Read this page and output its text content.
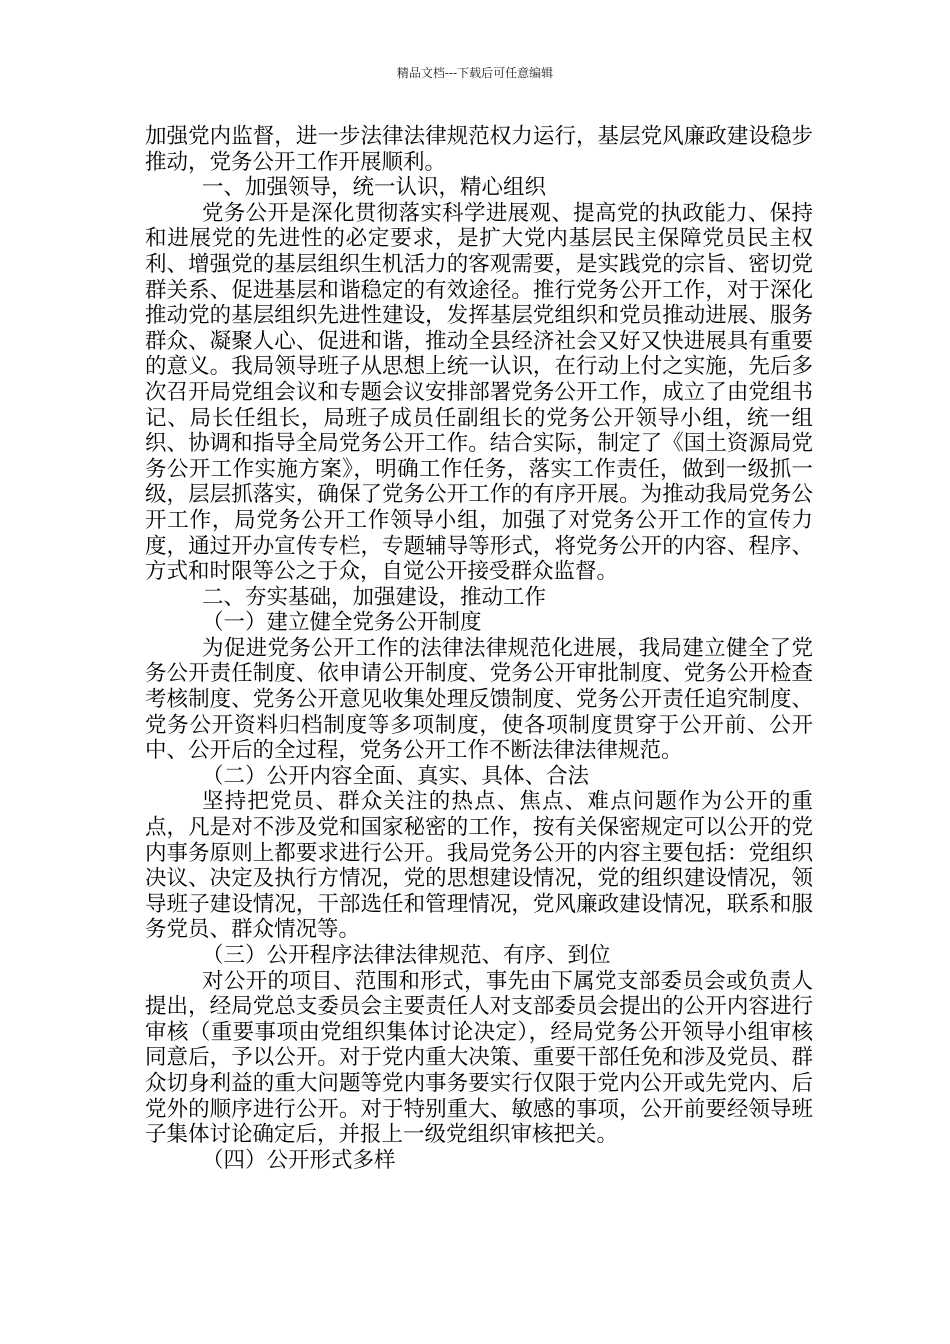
精品文档---下载后可任意编辑

加强党内监督，进一步法律法律规范权力运行，基层党风廉政建设稳步推动，党务公开工作开展顺利。

一、加强领导，统一认识，精心组织

党务公开是深化贯彻落实科学进展观、提高党的执政能力、保持和进展党的先进性的必定要求，是扩大党内基层民主保障党员民主权利、增强党的基层组织生机活力的客观需要，是实践党的宗旨、密切党群关系、促进基层和谐稳定的有效途径。推行党务公开工作，对于深化推动党的基层组织先进性建设，发挥基层党组织和党员推动进展、服务群众、凝聚人心、促进和谐，推动全县经济社会又好又快进展具有重要的意义。我局领导班子从思想上统一认识，在行动上付之实施，先后多次召开局党组会议和专题会议安排部署党务公开工作，成立了由党组书记、局长任组长，局班子成员任副组长的党务公开领导小组，统一组织、协调和指导全局党务公开工作。结合实际，制定了《国土资源局党务公开工作实施方案》，明确工作任务，落实工作责任，做到一级抓一级，层层抓落实，确保了党务公开工作的有序开展。为推动我局党务公开工作，局党务公开工作领导小组，加强了对党务公开工作的宣传力度，通过开办宣传专栏，专题辅导等形式，将党务公开的内容、程序、方式和时限等公之于众，自觉公开接受群众监督。

二、夯实基础，加强建设，推动工作

（一）建立健全党务公开制度

为促进党务公开工作的法律法律规范化进展，我局建立健全了党务公开责任制度、依申请公开制度、党务公开审批制度、党务公开检查考核制度、党务公开意见收集处理反馈制度、党务公开责任追究制度、党务公开资料归档制度等多项制度，使各项制度贯穿于公开前、公开中、公开后的全过程，党务公开工作不断法律法律规范。

（二）公开内容全面、真实、具体、合法

坚持把党员、群众关注的热点、焦点、难点问题作为公开的重点，凡是对不涉及党和国家秘密的工作，按有关保密规定可以公开的党内事务原则上都要求进行公开。我局党务公开的内容主要包括：党组织决议、决定及执行方情况，党的思想建设情况，党的组织建设情况，领导班子建设情况，干部选任和管理情况，党风廉政建设情况，联系和服务党员、群众情况等。

（三）公开程序法律法律规范、有序、到位

对公开的项目、范围和形式，事先由下属党支部委员会或负责人提出，经局党总支委员会主要责任人对支部委员会提出的公开内容进行审核（重要事项由党组织集体讨论决定），经局党务公开领导小组审核同意后，予以公开。对于党内重大决策、重要干部任免和涉及党员、群众切身利益的重大问题等党内事务要实行仅限于党内公开或先党内、后党外的顺序进行公开。对于特别重大、敏感的事项，公开前要经领导班子集体讨论确定后，并报上一级党组织审核把关。

（四）公开形式多样
